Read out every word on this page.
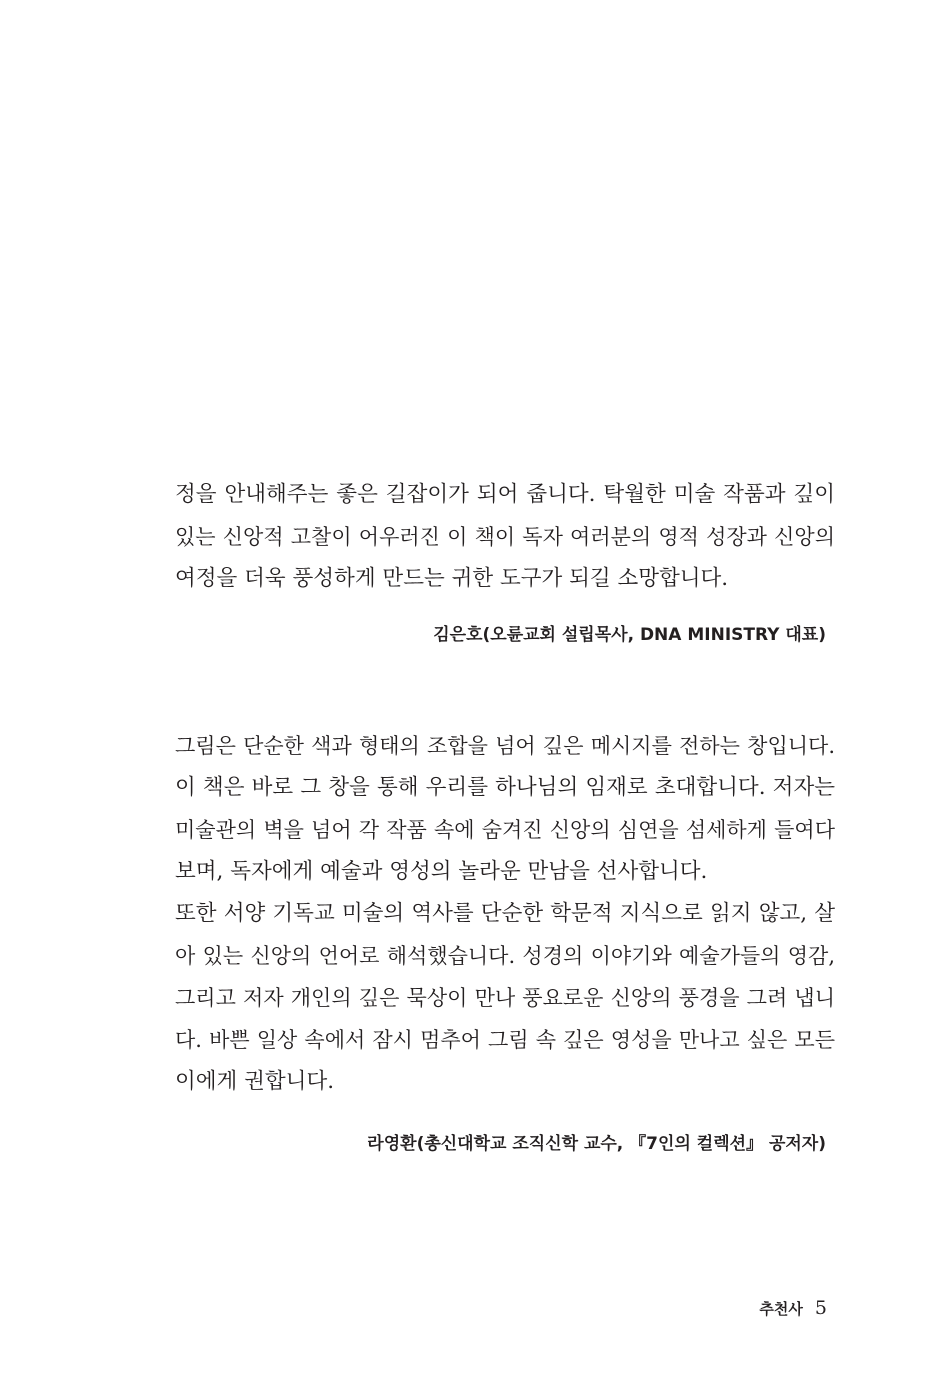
정을 안내해주는 좋은 길잡이가 되어 줍니다. 탁월한 미술 작품과 깊이
있는 신앙적 고찰이 어우러진 이 책이 독자 여러분의 영적 성장과 신앙의
여정을 더욱 풍성하게 만드는 귀한 도구가 되길 소망합니다.
김은호(오륜교회 설립목사, DNA MINISTRY 대표)
그림은 단순한 색과 형태의 조합을 넘어 깊은 메시지를 전하는 창입니다.
이 책은 바로 그 창을 통해 우리를 하나님의 임재로 초대합니다. 저자는
미술관의 벽을 넘어 각 작품 속에 숨겨진 신앙의 심연을 섬세하게 들여다
보며, 독자에게 예술과 영성의 놀라운 만남을 선사합니다.
또한 서양 기독교 미술의 역사를 단순한 학문적 지식으로 읽지 않고, 살
아 있는 신앙의 언어로 해석했습니다. 성경의 이야기와 예술가들의 영감,
그리고 저자 개인의 깊은 묵상이 만나 풍요로운 신앙의 풍경을 그려 냅니
다. 바쁜 일상 속에서 잠시 멈추어 그림 속 깊은 영성을 만나고 싶은 모든
이에게 권합니다.
라영환(총신대학교 조직신학 교수, 『7인의 컬렉션』 공저자)
추천사 5
